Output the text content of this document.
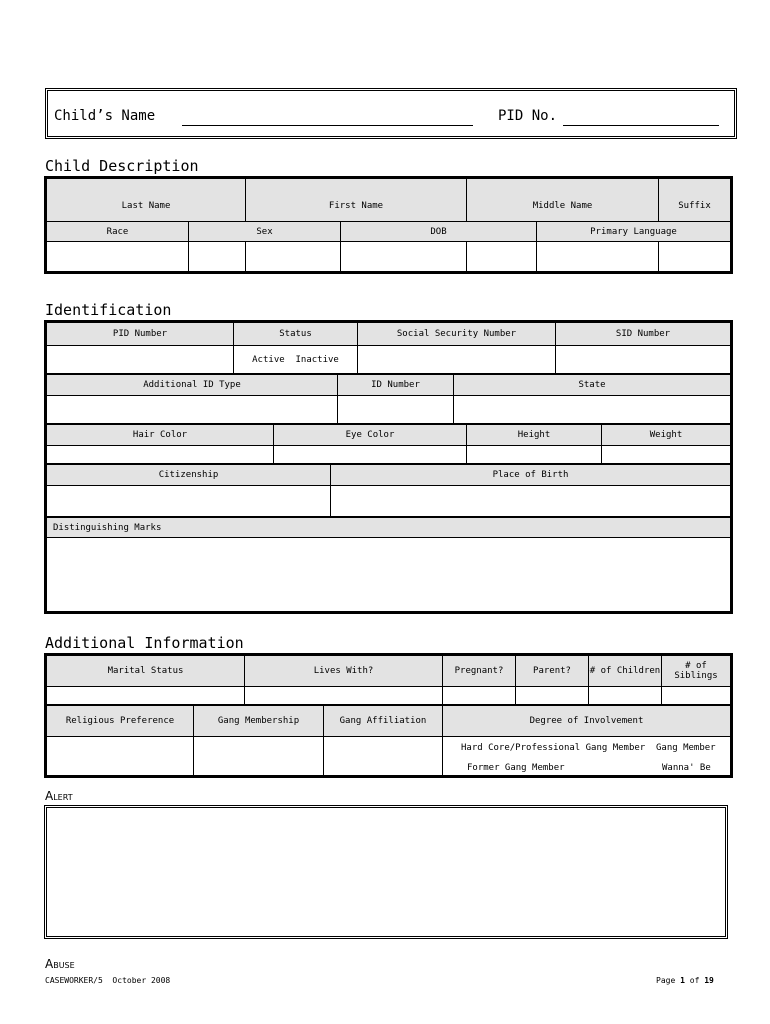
Child’s Name	PID No.
Child Description
Last Name	First Name	Middle Name	Suffix

Race	Sex	DOB	Primary Language

Identification
PID Number	Status	Social Security Number	SID Number
	Active  Inactive		
Additional ID Type	ID Number	State

Hair Color	Eye Color	Height	Weight

Citizenship	Place of Birth

Distinguishing Marks

Additional Information
Marital Status	Lives With?	Pregnant?	Parent?	# of Children	# of Siblings

Religious Preference	Gang Membership	Gang Affiliation	Degree of Involvement

			Hard Core/Professional Gang Member Gang Member
Former Gang Member Wanna' Be
Alert
Abuse
CASEWORKER/5  October 2008	Page 1 of 19
